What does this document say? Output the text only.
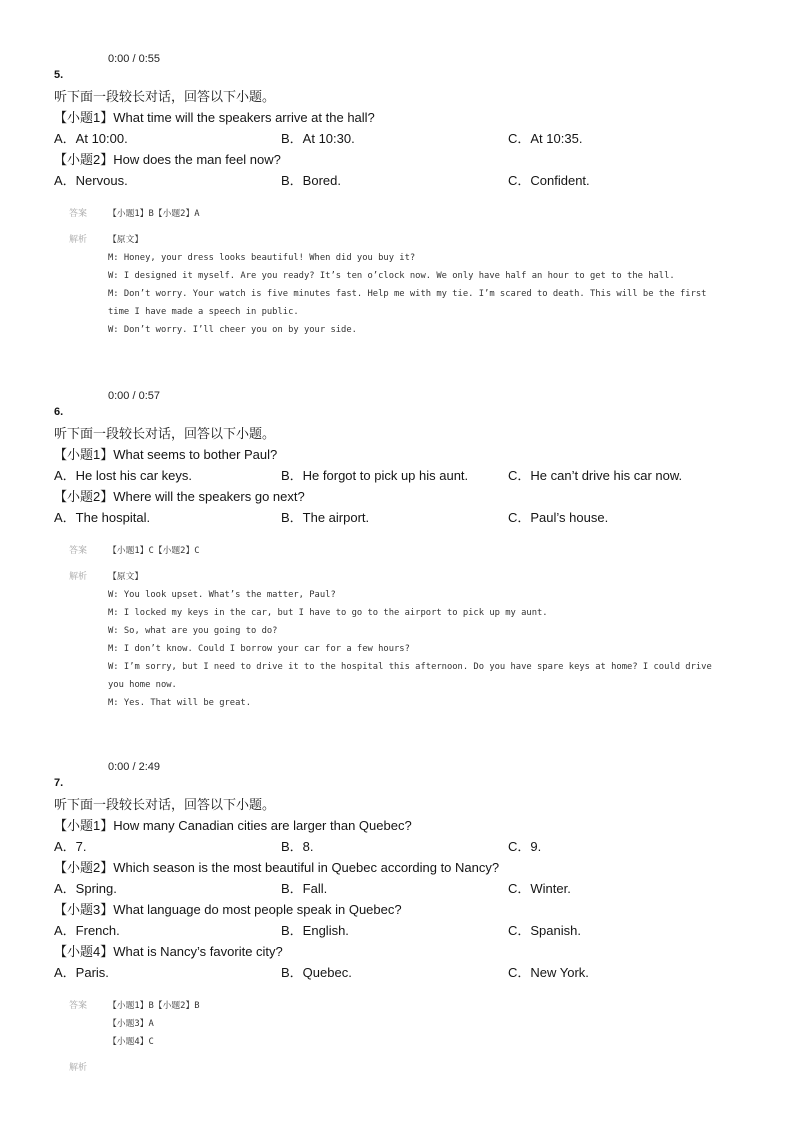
0:00 / 0:55
5.
听下面一段较长对话，回答以下小题。
【小题1】What time will the speakers arrive at the hall?
A．At 10:00.	B．At 10:30.	C．At 10:35.
【小题2】How does the man feel now?
A．Nervous.	B．Bored.	C．Confident.
答案	【小题1】B【小题2】A
解析	【原文】
M: Honey, your dress looks beautiful! When did you buy it?
W: I designed it myself. Are you ready? It’s ten o’clock now. We only have half an hour to get to the hall.
M: Don’t worry. Your watch is five minutes fast. Help me with my tie. I’m scared to death. This will be the first
time I have made a speech in public.
W: Don’t worry. I’ll cheer you on by your side.
0:00 / 0:57
6.
听下面一段较长对话，回答以下小题。
【小题1】What seems to bother Paul?
A．He lost his car keys.	B．He forgot to pick up his aunt.	C．He can’t drive his car now.
【小题2】Where will the speakers go next?
A．The hospital.	B．The airport.	C．Paul’s house.
答案	【小题1】C【小题2】C
解析	【原文】
W: You look upset. What’s the matter, Paul?
M: I locked my keys in the car, but I have to go to the airport to pick up my aunt.
W: So, what are you going to do?
M: I don’t know. Could I borrow your car for a few hours?
W: I’m sorry, but I need to drive it to the hospital this afternoon. Do you have spare keys at home? I could drive
you home now.
M: Yes. That will be great.
0:00 / 2:49
7.
听下面一段较长对话，回答以下小题。
【小题1】How many Canadian cities are larger than Quebec?
A．7.	B．8.	C．9.
【小题2】Which season is the most beautiful in Quebec according to Nancy?
A．Spring.	B．Fall.	C．Winter.
【小题3】What language do most people speak in Quebec?
A．French.	B．English.	C．Spanish.
【小题4】What is Nancy’s favorite city?
A．Paris.	B．Quebec.	C．New York.
答案	【小题1】B【小题2】B
【小题3】A
【小题4】C
解析
